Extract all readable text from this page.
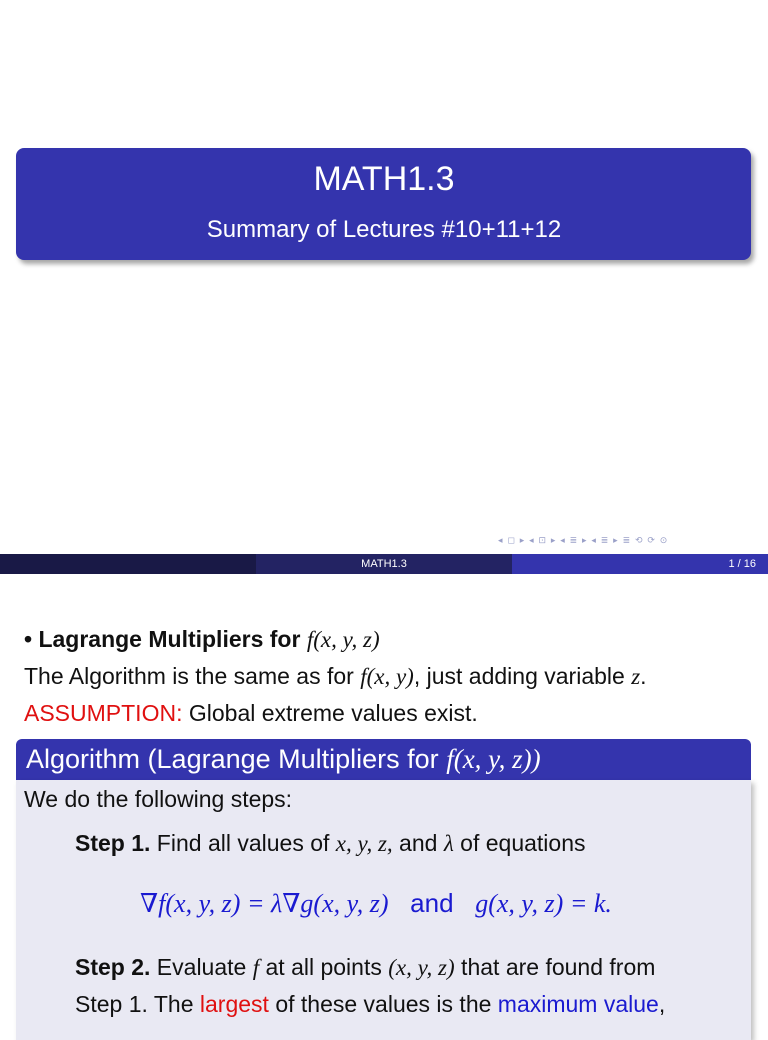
MATH1.3
Summary of Lectures #10+11+12
◂ ◻ ▸ ◂ ⊡ ▸ ◂ ≣ ▸ ◂ ≣ ▸ ≣ ⟲ ⟳ ⊙
MATH1.3	1 / 16
• Lagrange Multipliers for f(x, y, z)
The Algorithm is the same as for f(x, y), just adding variable z.
ASSUMPTION: Global extreme values exist.
Algorithm (Lagrange Multipliers for f(x, y, z))
We do the following steps:
Step 1. Find all values of x, y, z, and λ of equations
∇f(x, y, z) = λ∇g(x, y, z) and g(x, y, z) = k.
Step 2. Evaluate f at all points (x, y, z) that are found from
Step 1. The largest of these values is the maximum value,
